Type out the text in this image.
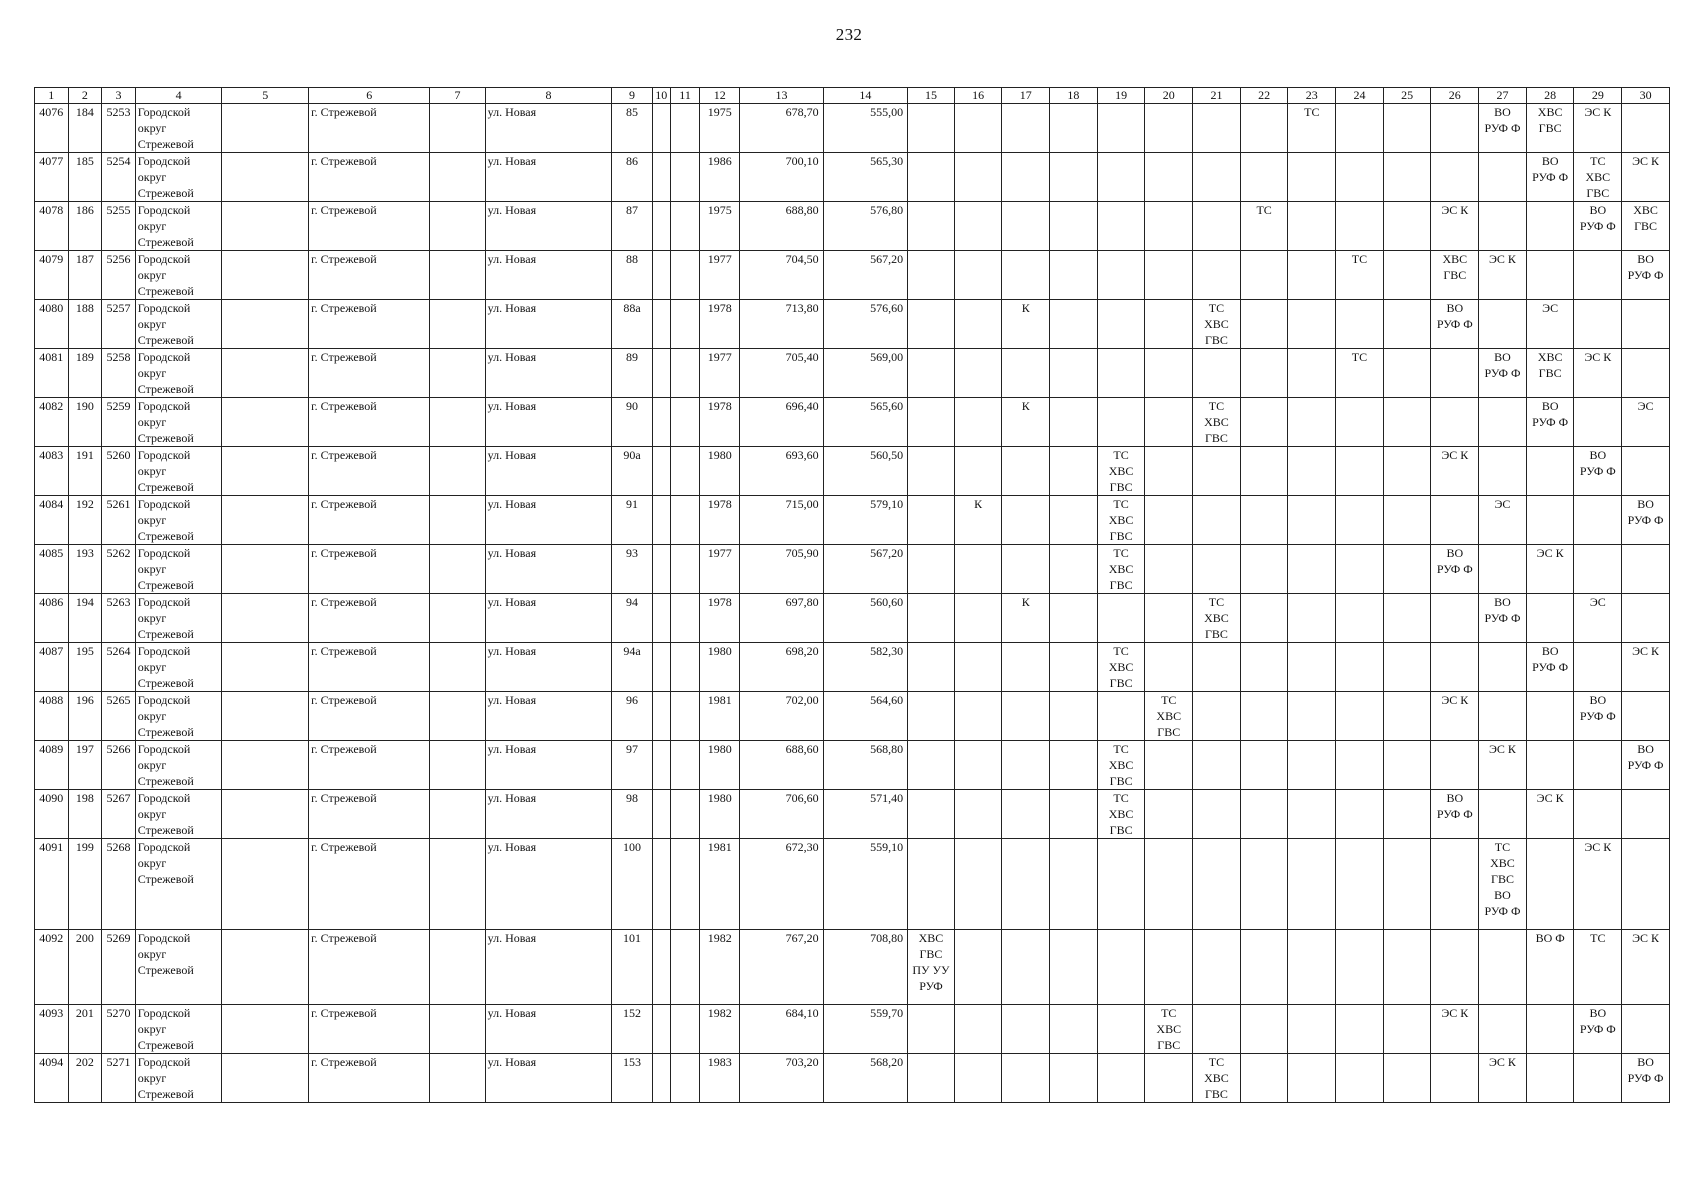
232
1	2	3	4	5	6	7	8	9	10	11	12	13	14	15	16	17	18	19	20	21	22	23	24	25	26	27	28	29	30
4076	184	5253	Городской
округ
Стрежевой		г. Стрежевой		ул. Новая	85			1975	678,70	555,00									ТС				ВО
РУФ Ф	ХВС
ГВС	ЭС К	

4077	185	5254	Городской
округ
Стрежевой		г. Стрежевой		ул. Новая	86			1986	700,10	565,30														ВО
РУФ Ф	ТС
ХВС
ГВС	ЭС К

4078	186	5255	Городской
округ
Стрежевой		г. Стрежевой		ул. Новая	87			1975	688,80	576,80								ТС				ЭС К			ВО
РУФ Ф	ХВС
ГВС

4079	187	5256	Городской
округ
Стрежевой		г. Стрежевой		ул. Новая	88			1977	704,50	567,20										ТС		ХВС
ГВС	ЭС К			ВО
РУФ Ф

4080	188	5257	Городской
округ
Стрежевой		г. Стрежевой		ул. Новая	88а			1978	713,80	576,60			К				ТС
ХВС
ГВС					ВО
РУФ Ф		ЭС		

4081	189	5258	Городской
округ
Стрежевой		г. Стрежевой		ул. Новая	89			1977	705,40	569,00										ТС			ВО
РУФ Ф	ХВС
ГВС	ЭС К	

4082	190	5259	Городской
округ
Стрежевой		г. Стрежевой		ул. Новая	90			1978	696,40	565,60			К				ТС
ХВС
ГВС							ВО
РУФ Ф		ЭС

4083	191	5260	Городской
округ
Стрежевой		г. Стрежевой		ул. Новая	90а			1980	693,60	560,50					ТС
ХВС
ГВС							ЭС К			ВО
РУФ Ф	

4084	192	5261	Городской
округ
Стрежевой		г. Стрежевой		ул. Новая	91			1978	715,00	579,10		К			ТС
ХВС
ГВС								ЭС			ВО
РУФ Ф

4085	193	5262	Городской
округ
Стрежевой		г. Стрежевой		ул. Новая	93			1977	705,90	567,20					ТС
ХВС
ГВС							ВО
РУФ Ф		ЭС К		

4086	194	5263	Городской
округ
Стрежевой		г. Стрежевой		ул. Новая	94			1978	697,80	560,60			К				ТС
ХВС
ГВС						ВО
РУФ Ф		ЭС	

4087	195	5264	Городской
округ
Стрежевой		г. Стрежевой		ул. Новая	94а			1980	698,20	582,30					ТС
ХВС
ГВС									ВО
РУФ Ф		ЭС К

4088	196	5265	Городской
округ
Стрежевой		г. Стрежевой		ул. Новая	96			1981	702,00	564,60						ТС
ХВС
ГВС						ЭС К			ВО
РУФ Ф	

4089	197	5266	Городской
округ
Стрежевой		г. Стрежевой		ул. Новая	97			1980	688,60	568,80					ТС
ХВС
ГВС								ЭС К			ВО
РУФ Ф

4090	198	5267	Городской
округ
Стрежевой		г. Стрежевой		ул. Новая	98			1980	706,60	571,40					ТС
ХВС
ГВС							ВО
РУФ Ф		ЭС К		

4091	199	5268	Городской
округ
Стрежевой		г. Стрежевой		ул. Новая	100			1981	672,30	559,10													ТС
ХВС
ГВС
ВО
РУФ Ф		ЭС К	

4092	200	5269	Городской
округ
Стрежевой		г. Стрежевой		ул. Новая	101			1982	767,20	708,80	ХВС
ГВС
ПУ УУ
РУФ													ВО Ф	ТС	ЭС К

4093	201	5270	Городской
округ
Стрежевой		г. Стрежевой		ул. Новая	152			1982	684,10	559,70						ТС
ХВС
ГВС						ЭС К			ВО
РУФ Ф	

4094	202	5271	Городской
округ
Стрежевой		г. Стрежевой		ул. Новая	153			1983	703,20	568,20							ТС
ХВС
ГВС						ЭС К			ВО
РУФ Ф
